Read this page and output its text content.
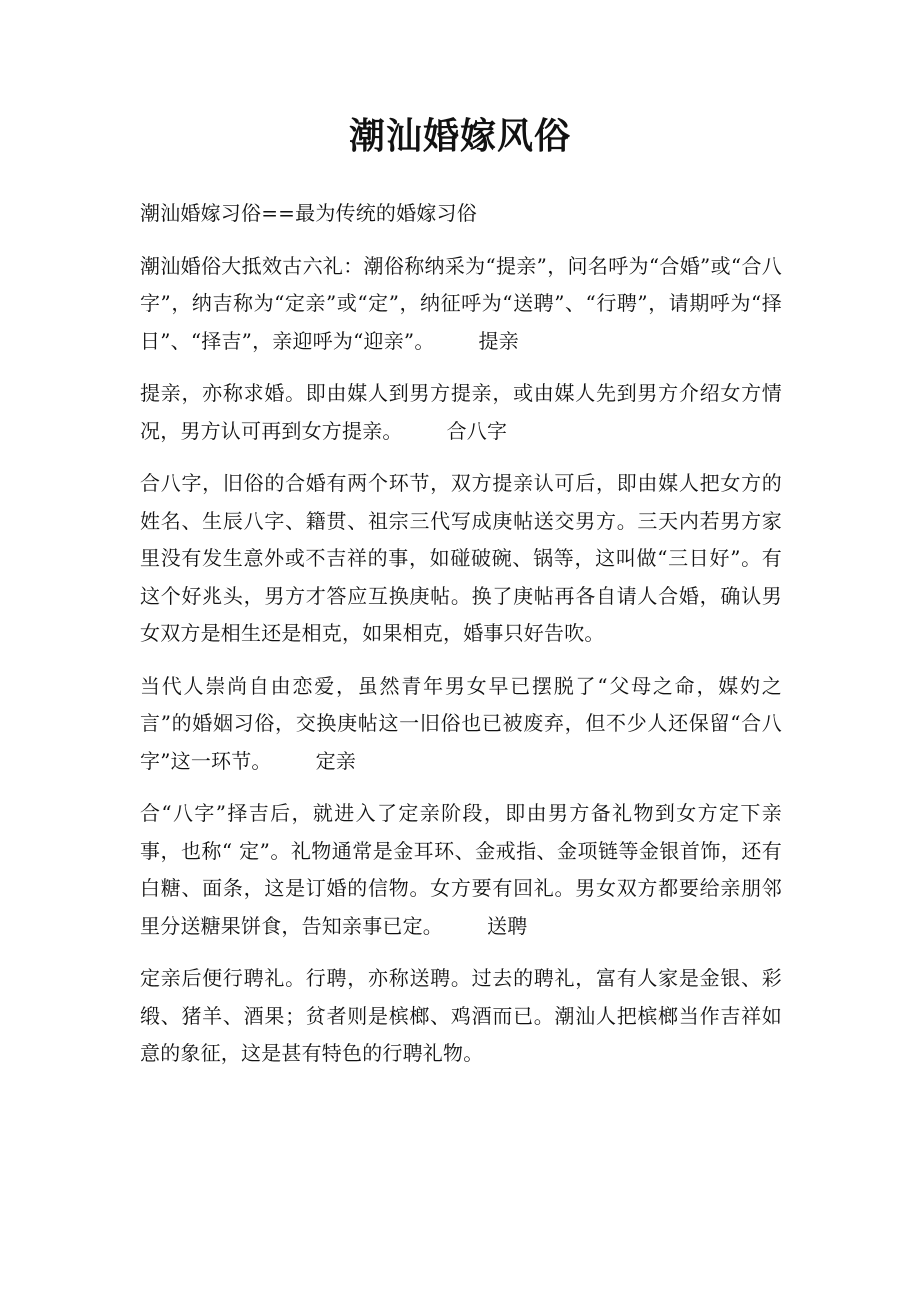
潮汕婚嫁风俗

潮汕婚嫁习俗==最为传统的婚嫁习俗

潮汕婚俗大抵效古六礼：潮俗称纳采为“提亲”，问名呼为“合婚”或“合八字”，纳吉称为“定亲”或“定”，纳征呼为“送聘”、“行聘”，请期呼为“择日”、“择吉”，亲迎呼为“迎亲”。 提亲

提亲，亦称求婚。即由媒人到男方提亲，或由媒人先到男方介绍女方情况，男方认可再到女方提亲。 合八字

合八字，旧俗的合婚有两个环节，双方提亲认可后，即由媒人把女方的姓名、生辰八字、籍贯、祖宗三代写成庚帖送交男方。三天内若男方家里没有发生意外或不吉祥的事，如碰破碗、锅等，这叫做“三日好”。有这个好兆头，男方才答应互换庚帖。换了庚帖再各自请人合婚，确认男女双方是相生还是相克，如果相克，婚事只好告吹。

当代人崇尚自由恋爱，虽然青年男女早已摆脱了“父母之命，媒妁之言”的婚姻习俗，交换庚帖这一旧俗也已被废弃，但不少人还保留“合八字”这一环节。 定亲

合“八字”择吉后，就进入了定亲阶段，即由男方备礼物到女方定下亲事，也称“ 定”。礼物通常是金耳环、金戒指、金项链等金银首饰，还有白糖、面条，这是订婚的信物。女方要有回礼。男女双方都要给亲朋邻里分送糖果饼食，告知亲事已定。 送聘

定亲后便行聘礼。行聘，亦称送聘。过去的聘礼，富有人家是金银、彩缎、猪羊、酒果；贫者则是槟榔、鸡酒而已。潮汕人把槟榔当作吉祥如意的象征，这是甚有特色的行聘礼物。
